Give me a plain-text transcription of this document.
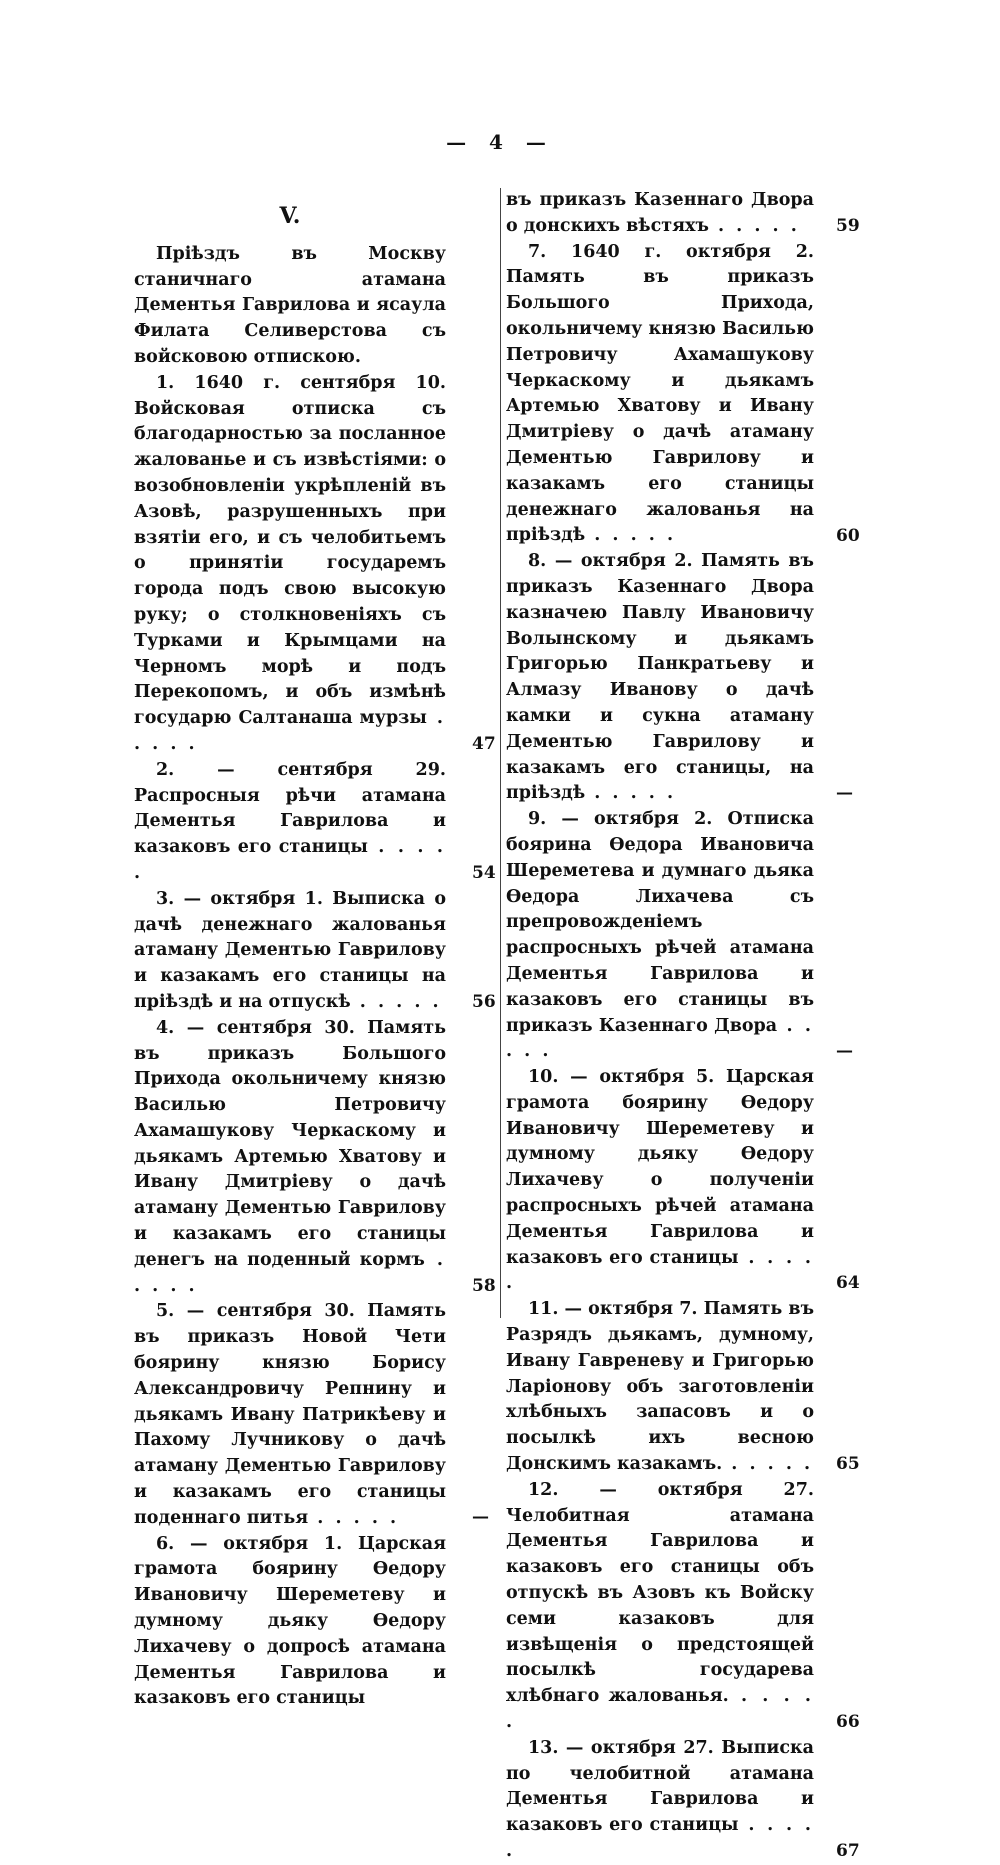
— 4 —
V.
Прiѣздъ въ Москву станичнаго атамана Дементья Гаврилова и ясаула Филата Селиверстова съ войсковою отпискою.
1. 1640 г. сентября 10. Войсковая отписка съ благодарностью за посланное жалованье и съ извѣстiями: о возобновленiи укрѣпленiй въ Азовѣ, разрушенныхъ при взятiи его, и съ челобитьемъ о принятiи государемъ города подъ свою высокую руку; о столкновенiяхъ съ Турками и Крымцами на Черномъ морѣ и подъ Перекопомъ, и объ измѣнѣ государю Салтанаша мурзы . . . . .	47
2. — сентября 29. Распросныя рѣчи атамана Дементья Гаврилова и казаковъ его станицы . . . . .	54
3. — октября 1. Выписка о дачѣ денежнаго жалованья атаману Дементью Гаврилову и казакамъ его станицы на прiѣздѣ и на отпускѣ . . . . . 56
4. — сентября 30. Память въ приказъ Большого Прихода окольничему князю Василью Петровичу Ахамашукову Черкаскому и дьякамъ Артемью Хватову и Ивану Дмитрiеву о дачѣ атаману Дементью Гаврилову и казакамъ его станицы денегъ на поденный кормъ . . . . .	58
5. — сентября 30. Память въ приказъ Новой Чети боярину князю Борису Александровичу Репнину и дьякамъ Ивану Патрикѣеву и Пахому Лучникову о дачѣ атаману Дементью Гаврилову и казакамъ его станицы поденнаго питья . . . . .	—
6. — октября 1. Царская грамота боярину Ѳедору Ивановичу Шереметеву и думному дьяку Ѳедору Лихачеву о допросѣ атамана Дементья Гаврилова и казаковъ его станицы
въ приказъ Казеннаго Двора о донскихъ вѣстяхъ . . . . . 59
7. 1640 г. октября 2. Память въ приказъ Большого Прихода, окольничему князю Василью Петровичу Ахамашукову Черкаскому и дьякамъ Артемью Хватову и Ивану Дмитрiеву о дачѣ атаману Дементью Гаврилову и казакамъ его станицы денежнаго жалованья на прiѣздѣ . . . . .	60
8. — октября 2. Память въ приказъ Казеннаго Двора казначею Павлу Ивановичу Волынскому и дьякамъ Григорью Панкратьеву и Алмазу Иванову о дачѣ камки и сукна атаману Дементью Гаврилову и казакамъ его станицы, на прiѣздѣ . . . . .	—
9. — октября 2. Отписка боярина Ѳедора Ивановича Шереметева и думнаго дьяка Ѳедора Лихачева съ препровожденiемъ распросныхъ рѣчей атамана Дементья Гаврилова и казаковъ его станицы въ приказъ Казеннаго Двора . . . . .	—
10. — октября 5. Царская грамота боярину Ѳедору Ивановичу Шереметеву и думному дьяку Ѳедору Лихачеву о полученiи распросныхъ рѣчей атамана Дементья Гаврилова и казаковъ его станицы . . . . .	64
11. — октября 7. Память въ Разрядъ дьякамъ, думному, Ивану Гавреневу и Григорью Ларiонову объ заготовленiи хлѣбныхъ запасовъ и о посылкѣ ихъ весною Донскимъ казакамъ. . . . . . 65
12. — октября 27. Челобитная атамана Дементья Гаврилова и казаковъ его станицы объ отпускѣ въ Азовъ къ Войску семи казаковъ для извѣщенiя о предстоящей посылкѣ государева хлѣбнаго жалованья. . . . . .	66
13. — октября 27. Выписка по челобитной атамана Дементья Гаврилова и казаковъ его станицы . . . . .	67
